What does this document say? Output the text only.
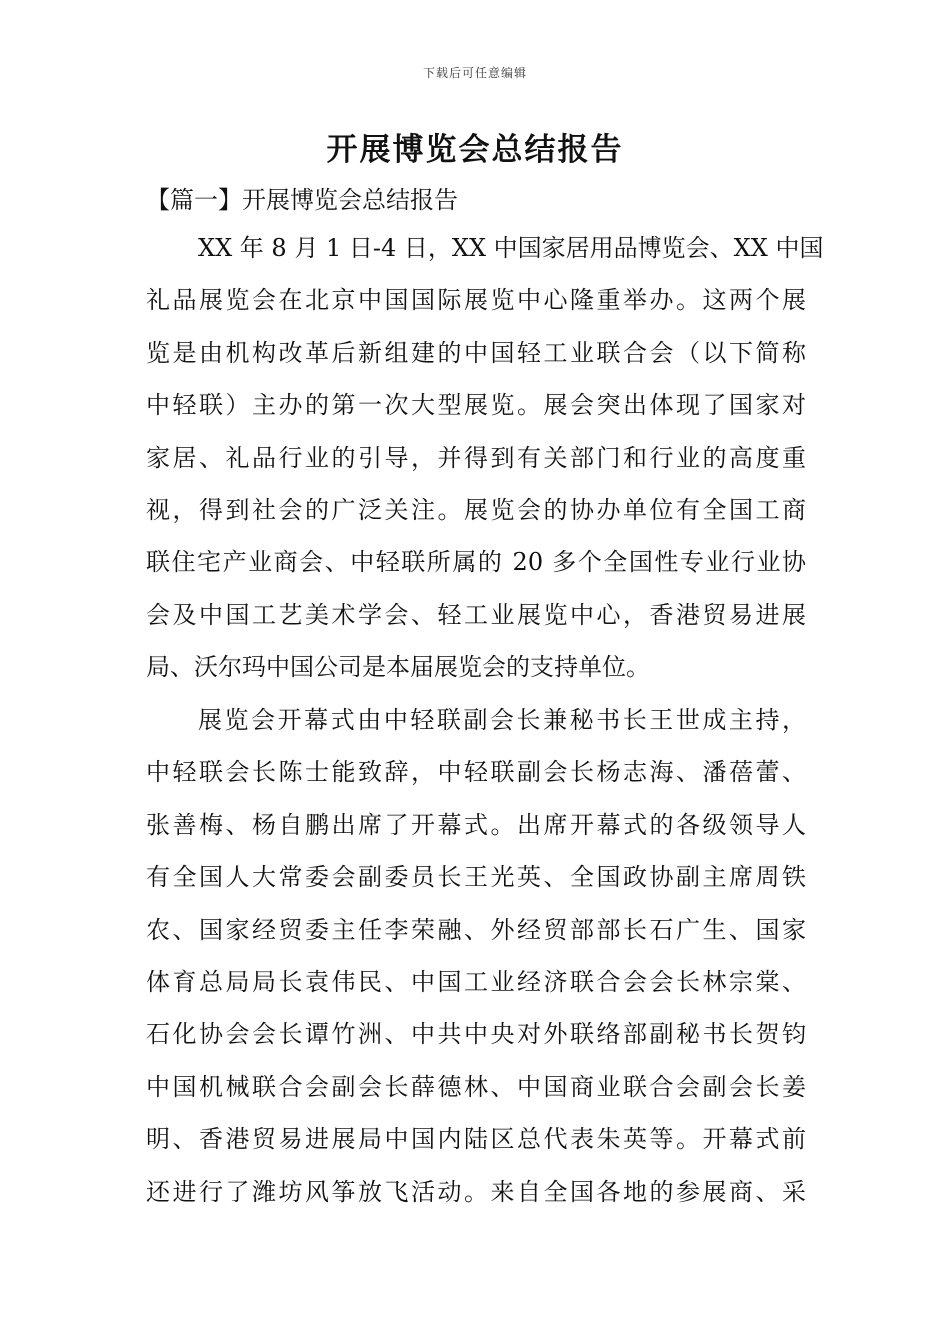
下载后可任意编辑
开展博览会总结报告
【篇一】开展博览会总结报告
XX 年 8 月 1 日-4 日，XX 中国家居用品博览会、XX 中国
礼品展览会在北京中国国际展览中心隆重举办。这两个展
览是由机构改革后新组建的中国轻工业联合会（以下简称
中轻联）主办的第一次大型展览。展会突出体现了国家对
家居、礼品行业的引导，并得到有关部门和行业的高度重
视，得到社会的广泛关注。展览会的协办单位有全国工商
联住宅产业商会、中轻联所属的 20 多个全国性专业行业协
会及中国工艺美术学会、轻工业展览中心，香港贸易进展
局、沃尔玛中国公司是本届展览会的支持单位。
展览会开幕式由中轻联副会长兼秘书长王世成主持，
中轻联会长陈士能致辞，中轻联副会长杨志海、潘蓓蕾、
张善梅、杨自鹏出席了开幕式。出席开幕式的各级领导人
有全国人大常委会副委员长王光英、全国政协副主席周铁
农、国家经贸委主任李荣融、外经贸部部长石广生、国家
体育总局局长袁伟民、中国工业经济联合会会长林宗棠、
石化协会会长谭竹洲、中共中央对外联络部副秘书长贺钧
中国机械联合会副会长薛德林、中国商业联合会副会长姜
明、香港贸易进展局中国内陆区总代表朱英等。开幕式前
还进行了潍坊风筝放飞活动。来自全国各地的参展商、采
